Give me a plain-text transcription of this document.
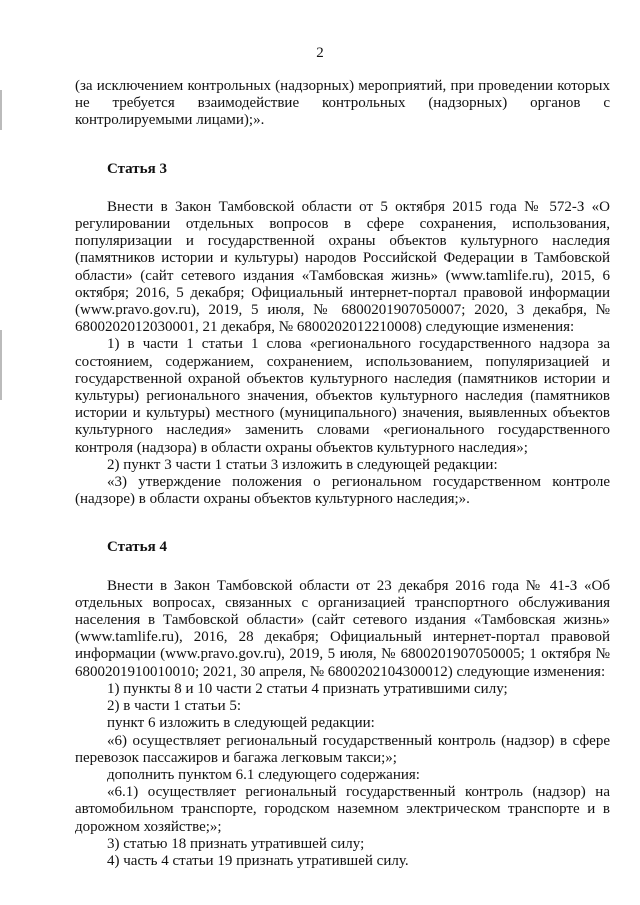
2

(за исключением контрольных (надзорных) мероприятий, при проведении которых не требуется взаимодействие контрольных (надзорных) органов с контролируемыми лицами);».

Статья 3

Внести в Закон Тамбовской области от 5 октября 2015 года № 572-З «О регулировании отдельных вопросов в сфере сохранения, использования, популяризации и государственной охраны объектов культурного наследия (памятников истории и культуры) народов Российской Федерации в Тамбовской области» (сайт сетевого издания «Тамбовская жизнь» (www.tamlife.ru), 2015, 6 октября; 2016, 5 декабря; Официальный интернет-портал правовой информации (www.pravo.gov.ru), 2019, 5 июля, № 6800201907050007; 2020, 3 декабря, № 6800202012030001, 21 декабря, № 6800202012210008) следующие изменения:

1) в части 1 статьи 1 слова «регионального государственного надзора за состоянием, содержанием, сохранением, использованием, популяризацией и государственной охраной объектов культурного наследия (памятников истории и культуры) регионального значения, объектов культурного наследия (памятников истории и культуры) местного (муниципального) значения, выявленных объектов культурного наследия» заменить словами «регионального государственного контроля (надзора) в области охраны объектов культурного наследия»;

2) пункт 3 части 1 статьи 3 изложить в следующей редакции:

«3) утверждение положения о региональном государственном контроле (надзоре) в области охраны объектов культурного наследия;».

Статья 4

Внести в Закон Тамбовской области от 23 декабря 2016 года № 41-З «Об отдельных вопросах, связанных с организацией транспортного обслуживания населения в Тамбовской области» (сайт сетевого издания «Тамбовская жизнь» (www.tamlife.ru), 2016, 28 декабря; Официальный интернет-портал правовой информации (www.pravo.gov.ru), 2019, 5 июля, № 6800201907050005; 1 октября № 6800201910010010; 2021, 30 апреля, № 6800202104300012) следующие изменения:

1) пункты 8 и 10 части 2 статьи 4 признать утратившими силу;

2) в части 1 статьи 5:

пункт 6 изложить в следующей редакции:

«6) осуществляет региональный государственный контроль (надзор) в сфере перевозок пассажиров и багажа легковым такси;»;

дополнить пунктом 6.1 следующего содержания:

«6.1) осуществляет региональный государственный контроль (надзор) на автомобильном транспорте, городском наземном электрическом транспорте и в дорожном хозяйстве;»;

3) статью 18 признать утратившей силу;

4) часть 4 статьи 19 признать утратившей силу.
